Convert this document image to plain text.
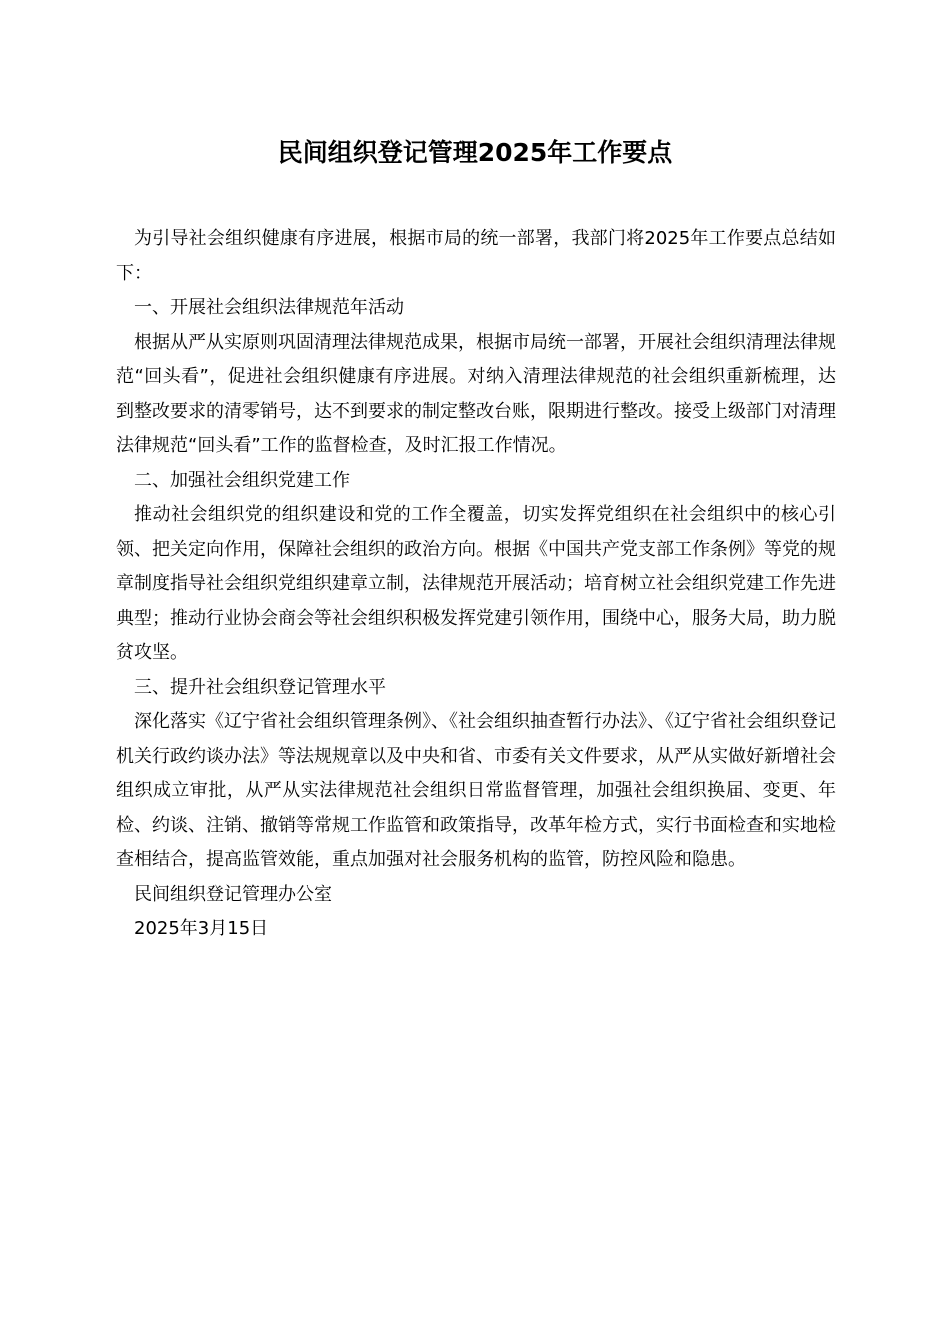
民间组织登记管理2025年工作要点

为引导社会组织健康有序进展，根据市局的统一部署，我部门将2025年工作要点总结如下：

一、开展社会组织法律规范年活动

根据从严从实原则巩固清理法律规范成果，根据市局统一部署，开展社会组织清理法律规范“回头看”，促进社会组织健康有序进展。对纳入清理法律规范的社会组织重新梳理，达到整改要求的清零销号，达不到要求的制定整改台账，限期进行整改。接受上级部门对清理法律规范“回头看”工作的监督检查，及时汇报工作情况。

二、加强社会组织党建工作

推动社会组织党的组织建设和党的工作全覆盖，切实发挥党组织在社会组织中的核心引领、把关定向作用，保障社会组织的政治方向。根据《中国共产党支部工作条例》等党的规章制度指导社会组织党组织建章立制，法律规范开展活动；培育树立社会组织党建工作先进典型；推动行业协会商会等社会组织积极发挥党建引领作用，围绕中心，服务大局，助力脱贫攻坚。

三、提升社会组织登记管理水平

深化落实《辽宁省社会组织管理条例》、《社会组织抽查暂行办法》、《辽宁省社会组织登记机关行政约谈办法》等法规规章以及中央和省、市委有关文件要求，从严从实做好新增社会组织成立审批，从严从实法律规范社会组织日常监督管理，加强社会组织换届、变更、年检、约谈、注销、撤销等常规工作监管和政策指导，改革年检方式，实行书面检查和实地检查相结合，提高监管效能，重点加强对社会服务机构的监管，防控风险和隐患。

民间组织登记管理办公室

2025年3月15日
